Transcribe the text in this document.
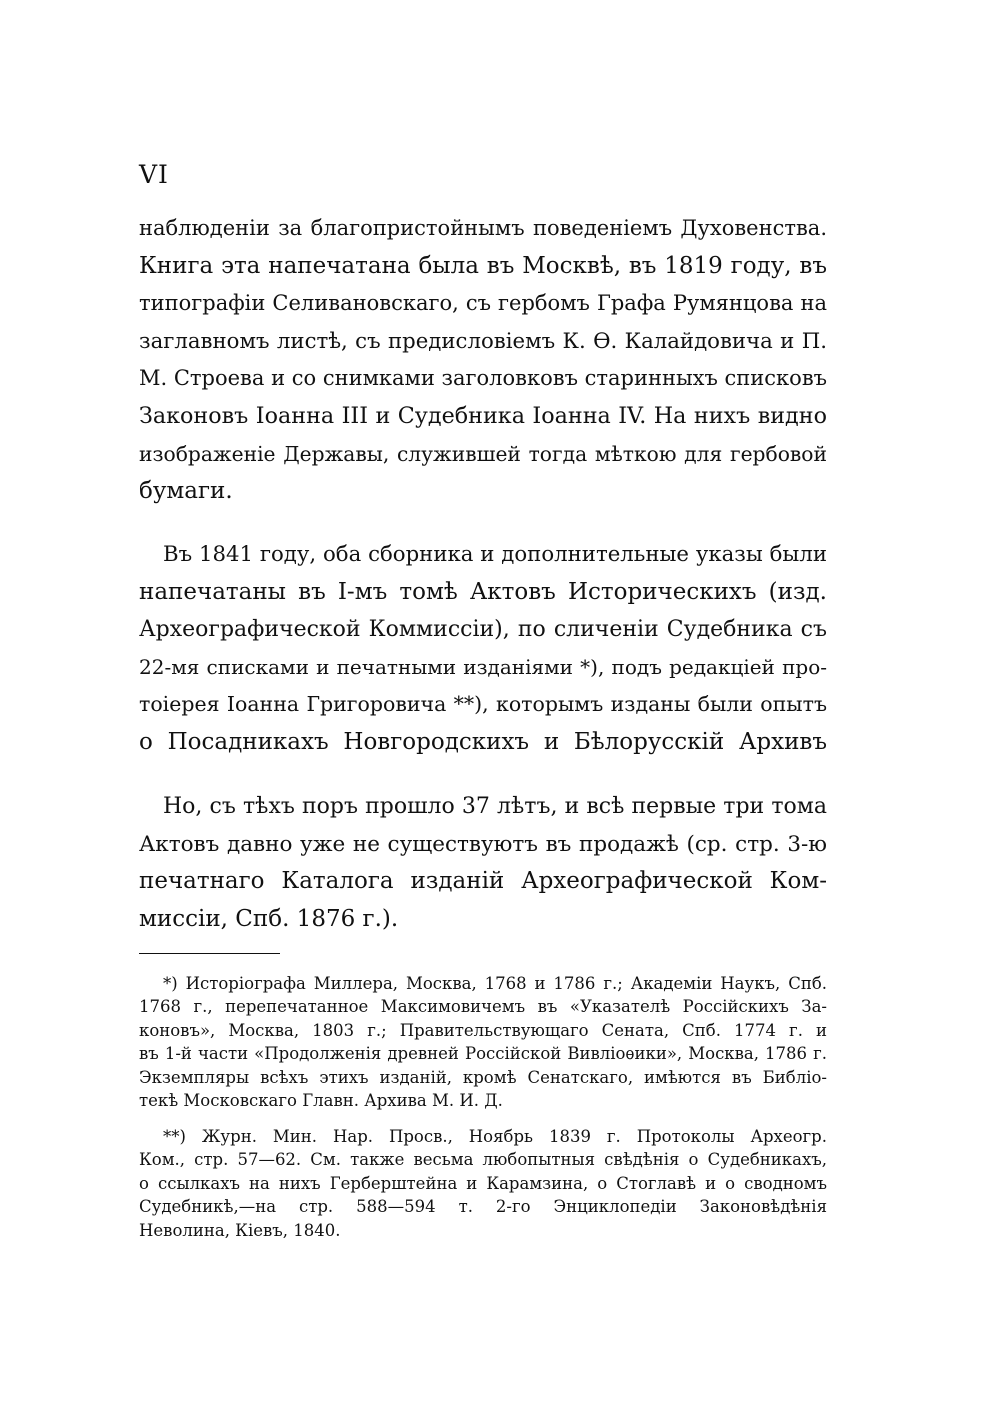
VI
наблюденіи за благопристойнымъ поведеніемъ Духовенства.
Книга эта напечатана была въ Москвѣ, въ 1819 году, въ
типографіи Селивановскаго, съ гербомъ Графа Румянцова на
заглавномъ листѣ, съ предисловіемъ К. Ѳ. Калайдовича и П.
М. Строева и со снимками заголовковъ старинныхъ списковъ
Законовъ Іоанна III и Судебника Іоанна IV. На нихъ видно
изображеніе Державы, служившей тогда мѣткою для гербовой
бумаги.
Въ 1841 году, оба сборника и дополнительные указы были
напечатаны въ I-мъ томѣ Актовъ Историческихъ (изд.
Археографической Коммиссіи), по сличеніи Судебника съ
22-мя списками и печатными изданіями *), подъ редакціей про-
тоіерея Іоанна Григоровича **), которымъ изданы были опытъ
о Посадникахъ Новгородскихъ и Бѣлорусскій Архивъ
Но, съ тѣхъ поръ прошло 37 лѣтъ, и всѣ первые три тома
Актовъ давно уже не существуютъ въ продажѣ (ср. стр. 3-ю
печатнаго Каталога изданій Археографической Ком-
миссіи, Спб. 1876 г.).
*) Исторіографа Миллера, Москва, 1768 и 1786 г.; Академіи Наукъ, Спб.
1768 г., перепечатанное Максимовичемъ въ «Указателѣ Россійскихъ За-
коновъ», Москва, 1803 г.; Правительствующаго Сената, Спб. 1774 г. и
въ 1-й части «Продолженія древней Россійской Вивліоѳики», Москва, 1786 г.
Экземпляры всѣхъ этихъ изданій, кромѣ Сенатскаго, имѣются въ Библіо-
текѣ Московскаго Главн. Архива М. И. Д.
**) Журн. Мин. Нар. Просв., Ноябрь 1839 г. Протоколы Археогр.
Ком., стр. 57—62. См. также весьма любопытныя свѣдѣнія о Судебникахъ,
о ссылкахъ на нихъ Герберштейна и Карамзина, о Стоглавѣ и о сводномъ
Судебникѣ,—на стр. 588—594 т. 2-го Энциклопедіи Законовѣдѣнія
Неволина, Кіевъ, 1840.
